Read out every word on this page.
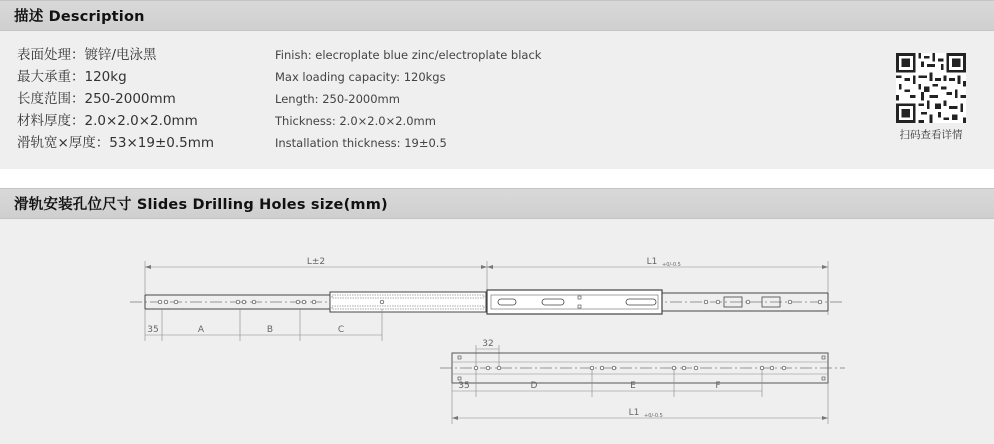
描述 Description
表面处理：镀锌/电泳黑
最大承重：120kg
长度范围：250-2000mm
材料厚度：2.0×2.0×2.0mm
滑轨宽×厚度：53×19±0.5mm
Finish: elecroplate blue zinc/electroplate black
Max loading capacity: 120kgs
Length: 250-2000mm
Thickness: 2.0×2.0×2.0mm
Installation thickness: 19±0.5
扫码查看详情
滑轨安装孔位尺寸 Slides Drilling Holes size(mm)
L±2	L1 +0/-0.5
35	A	B	C
32
35	D	E	F
L1 +0/-0.5
